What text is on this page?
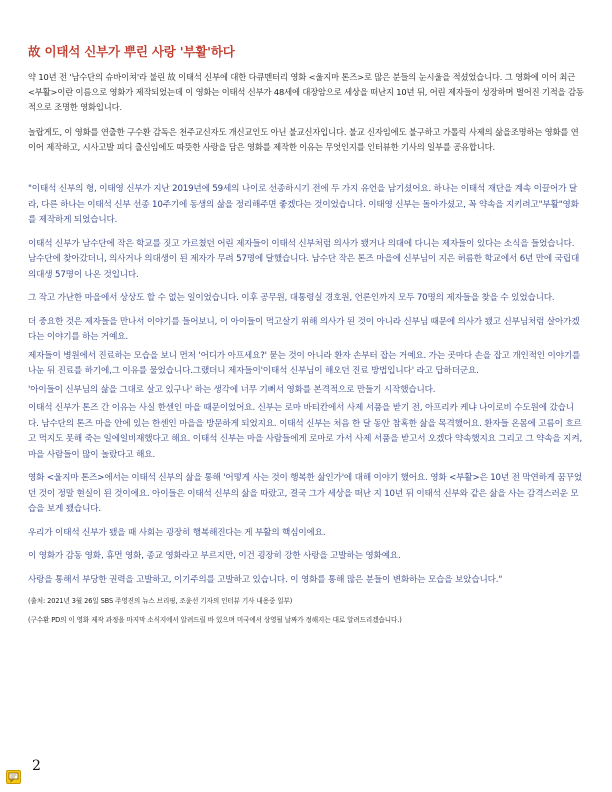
故 이태석 신부가 뿌린 사랑 '부활'하다

약 10년 전 '남수단의 슈바이쳐'라 불린 故 이태석 신부에 대한 다큐멘터리 영화 <울지마 톤즈>로 많은 분들의 눈시울을 적셨었습니다. 그 영화에 이어 최근 <부활>이란 이름으로 영화가 제작되었는데 이 영화는 이태석 신부가 48세에 대장암으로 세상을 떠난지 10년 뒤, 어린 제자들이 성장하며 벌어진 기적을 감동적으로 조명한 영화입니다.

놀랍게도, 이 영화를 연출한 구수환 감독은 천주교신자도 개신교인도 아닌 불교신자입니다. 불교 신자임에도 불구하고 가톨릭 사제의 삶을조명하는 영화를 연이어 제작하고, 시사고발 피디 출신임에도 따뜻한 사랑을 담은 영화를 제작한 이유는 무엇인지를 인터뷰한 기사의 일부를 공유합니다.

"이태석 신부의 형, 이태영 신부가 지난 2019년에 59세의 나이로 선종하시기 전에 두 가지 유언을 남기셨어요. 하나는 이태석 재단을 계속 이끌어가 달라, 다른 하나는 이태석 신부 선종 10주기에 동생의 삶을 정리해주면 좋겠다는 것이었습니다. 이태영 신부는 돌아가셨고, 꼭 약속을 지키려고"부활"영화를 제작하게 되었습니다.

이태석 신부가 남수단에 작은 학교를 짓고 가르쳤던 어린 제자들이 이태석 신부처럼 의사가 됐거나 의대에 다니는 제자들이 있다는 소식을 들었습니다. 남수단에 찾아갔더니, 의사거나 의대생이 된 제자가 무려 57명에 달했습니다. 남수단 작은 톤즈 마을에 신부님이 지은 허름한 학교에서 6년 만에 국립대 의대생 57명이 나온 것입니다.

그 작고 가난한 마을에서 상상도 할 수 없는 일이었습니다. 이후 공무원, 대통령실 경호원, 언론인까지 모두 70명의 제자들을 찾을 수 있었습니다.

더 중요한 것은 제자들을 만나서 이야기를 들어보니, 이 아이들이 먹고살기 위해 의사가 된 것이 아니라 신부님 때문에 의사가 됐고 신부님처럼 살아가겠다는 이야기를 하는 거예요.

제자들이 병원에서 진료하는 모습을 보니 먼저 '어디가 아프세요?' 묻는 것이 아니라 환자 손부터 잡는 거예요. 가는 곳마다 손을 잡고 개인적인 이야기를 나눈 뒤 진료를 하기에,그 이유를 물었습니다.그랬더니 제자들이'이태석 신부님이 해오던 진료 방법입니다' 라고 답하더군요.

'아이들이 신부님의 삶을 그대로 살고 있구나' 하는 생각에 너무 기뻐서 영화를 본격적으로 만들기 시작했습니다.

이태석 신부가 톤즈 간 이유는 사실 한센인 마을 때문이었어요. 신부는 로마 바티칸에서 사제 서품을 받기 전, 아프리카 케냐 나이로비 수도원에 갔습니다. 남수단의 톤즈 마을 안에 있는 한센인 마을을 방문하게 되었지요. 이태석 신부는 처음 한 달 동안 참혹한 삶을 목격했어요. 환자들 온몸에 고름이 흐르고 먹지도 못해 죽는 일에일비재했다고 해요. 이태석 신부는 마을 사람들에게 로마로 가서 사제 서품을 받고서 오겠다 약속했지요 그리고 그 약속을 지켜, 마을 사람들이 많이 놀랐다고 해요.

영화 <울지마 톤즈>에서는 이태석 신부의 삶을 통해 '어떻게 사는 것이 행복한 삶인가'에 대해 이야기 했어요. 영화 <부활>은 10년 전 막연하게 꿈꾸었던 것이 정말 현실이 된 것이에요. 아이들은 이태석 신부의 삶을 따랐고, 결국 그가 세상을 떠난 지 10년 뒤 이태석 신부와 같은 삶을 사는 감격스러운 모습을 보게 됐습니다.

우리가 이태석 신부가 됐을 때 사회는 굉장히 행복해진다는 게 부활의 핵심이에요.

이 영화가 감동 영화, 휴먼 영화, 종교 영화라고 부르지만, 이건 굉장히 강한 사랑을 고발하는 영화예요.

사랑을 통해서 부당한 권력을 고발하고, 이기주의를 고발하고 있습니다. 이 영화를 통해 많은 분들이 변화하는 모습을 보았습니다."

(출처: 2021년 3월 26일 SBS 주영진의 뉴스 브리핑, 조윤선 기자의 인터뷰 기사 내용중 일부)

(구수환 PD의 이 영화 제작 과정을 마지막 소식지에서 알려드릴 바 있으며 미국에서 상영될 날짜가 정해지는 대로 알려드리겠습니다.)

2
